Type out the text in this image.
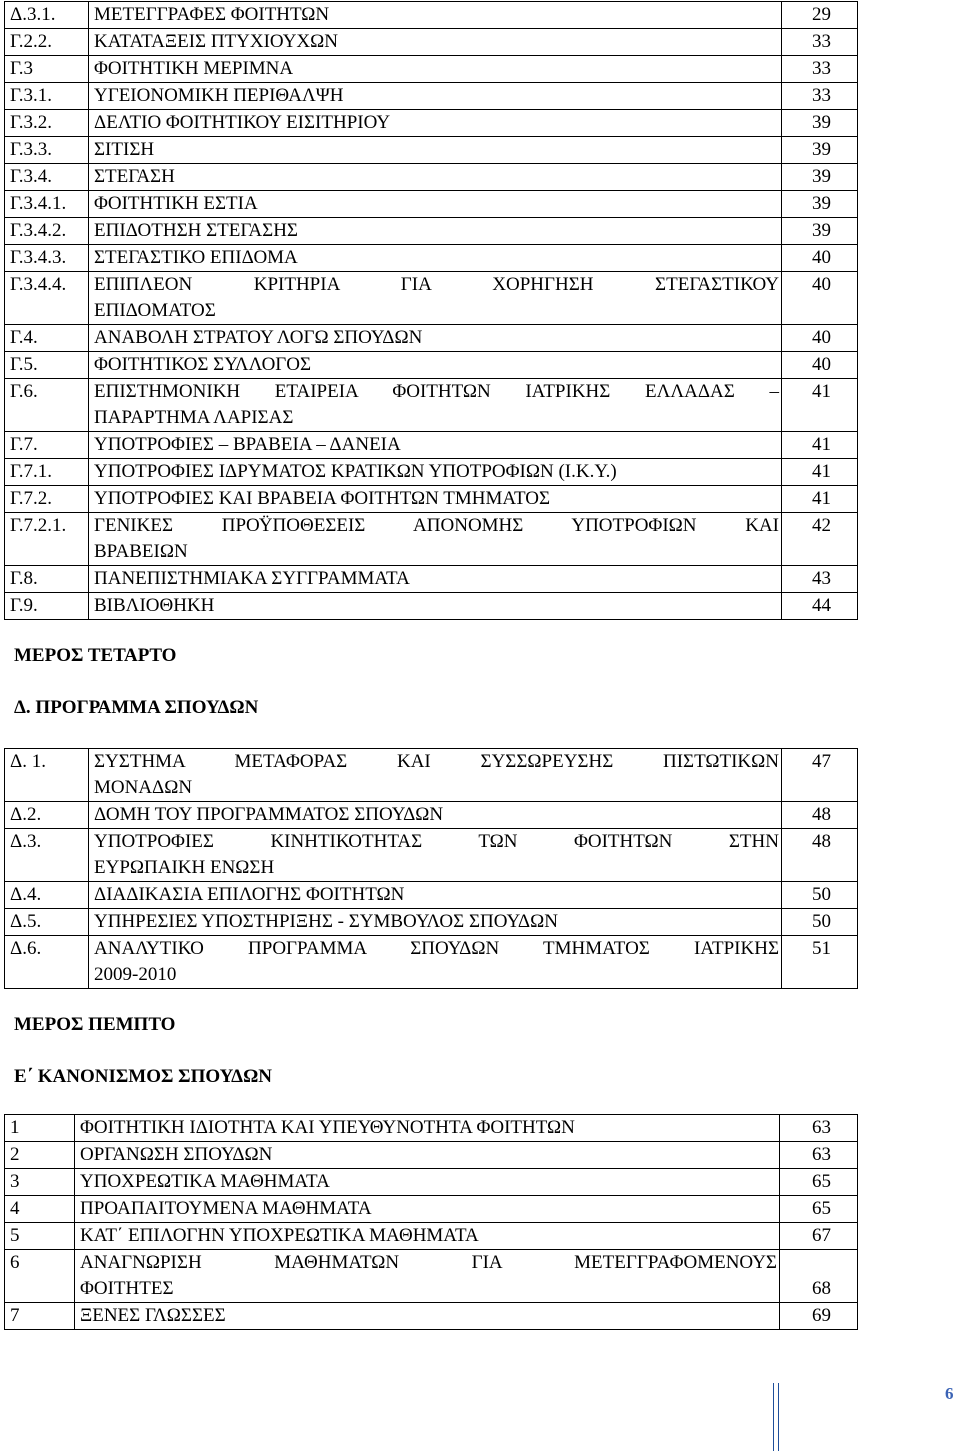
Δ.3.1.	ΜΕΤΕΓΓΡΑΦΕΣ ΦΟΙΤΗΤΩΝ	29
Γ.2.2.	ΚΑΤΑΤΑΞΕΙΣ ΠΤΥΧΙΟΥΧΩΝ	33
Γ.3	ΦΟΙΤΗΤΙΚΗ ΜΕΡΙΜΝΑ	33
Γ.3.1.	ΥΓΕΙΟΝΟΜΙΚΗ ΠΕΡΙΘΑΛΨΗ	33
Γ.3.2.	ΔΕΛΤΙΟ ΦΟΙΤΗΤΙΚΟΥ ΕΙΣΙΤΗΡΙΟΥ	39
Γ.3.3.	ΣΙΤΙΣΗ	39
Γ.3.4.	ΣΤΕΓΑΣΗ	39
Γ.3.4.1.	ΦΟΙΤΗΤΙΚΗ ΕΣΤΙΑ	39
Γ.3.4.2.	ΕΠΙΔΟΤΗΣΗ ΣΤΕΓΑΣΗΣ	39
Γ.3.4.3.	ΣΤΕΓΑΣΤΙΚΟ ΕΠΙΔΟΜΑ	40
Γ.3.4.4.	ΕΠΙΠΛΕΟΝ ΚΡΙΤΗΡΙΑ ΓΙΑ ΧΟΡΗΓΗΣΗ ΣΤΕΓΑΣΤΙΚΟΥ
ΕΠΙΔΟΜΑΤΟΣ	40
Γ.4.	ΑΝΑΒΟΛΗ ΣΤΡΑΤΟΥ ΛΟΓΩ ΣΠΟΥΔΩΝ	40
Γ.5.	ΦΟΙΤΗΤΙΚΟΣ ΣΥΛΛΟΓΟΣ	40
Γ.6.	ΕΠΙΣΤΗΜΟΝΙΚΗ ΕΤΑΙΡΕΙΑ ΦΟΙΤΗΤΩΝ ΙΑΤΡΙΚΗΣ ΕΛΛΑΔΑΣ –
ΠΑΡΑΡΤΗΜΑ ΛΑΡΙΣΑΣ	41
Γ.7.	ΥΠΟΤΡΟΦΙΕΣ – ΒΡΑΒΕΙΑ – ΔΑΝΕΙΑ	41
Γ.7.1.	ΥΠΟΤΡΟΦΙΕΣ ΙΔΡΥΜΑΤΟΣ ΚΡΑΤΙΚΩΝ ΥΠΟΤΡΟΦΙΩΝ (Ι.Κ.Υ.)	41
Γ.7.2.	ΥΠΟΤΡΟΦΙΕΣ ΚΑΙ ΒΡΑΒΕΙΑ ΦΟΙΤΗΤΩΝ ΤΜΗΜΑΤΟΣ	41
Γ.7.2.1.	ΓΕΝΙΚΕΣ ΠΡΟΫΠΟΘΕΣΕΙΣ ΑΠΟΝΟΜΗΣ ΥΠΟΤΡΟΦΙΩΝ ΚΑΙ
ΒΡΑΒΕΙΩΝ	42
Γ.8.	ΠΑΝΕΠΙΣΤΗΜΙΑΚΑ ΣΥΓΓΡΑΜΜΑΤΑ	43
Γ.9.	ΒΙΒΛΙΟΘΗΚΗ	44
ΜΕΡΟΣ ΤΕΤΑΡΤΟ
Δ. ΠΡΟΓΡΑΜΜΑ ΣΠΟΥΔΩΝ
Δ. 1.	ΣΥΣΤΗΜΑ ΜΕΤΑΦΟΡΑΣ ΚΑΙ ΣΥΣΣΩΡΕΥΣΗΣ ΠΙΣΤΩΤΙΚΩΝ
ΜΟΝΑΔΩΝ	47
Δ.2.	ΔΟΜΗ ΤΟΥ ΠΡΟΓΡΑΜΜΑΤΟΣ ΣΠΟΥΔΩΝ	48
Δ.3.	ΥΠΟΤΡΟΦΙΕΣ ΚΙΝΗΤΙΚΟΤΗΤΑΣ ΤΩΝ ΦΟΙΤΗΤΩΝ ΣΤΗΝ
ΕΥΡΩΠΑΙΚΗ ΕΝΩΣΗ	48
Δ.4.	ΔΙΑΔΙΚΑΣΙΑ ΕΠΙΛΟΓΗΣ ΦΟΙΤΗΤΩΝ	50
Δ.5.	ΥΠΗΡΕΣΙΕΣ ΥΠΟΣΤΗΡΙΞΗΣ - ΣΥΜΒΟΥΛΟΣ ΣΠΟΥΔΩΝ	50
Δ.6.	ΑΝΑΛΥΤΙΚΟ ΠΡΟΓΡΑΜΜΑ ΣΠΟΥΔΩΝ ΤΜΗΜΑΤΟΣ ΙΑΤΡΙΚΗΣ
2009-2010	51
ΜΕΡΟΣ ΠΕΜΠΤΟ
Ε΄ ΚΑΝΟΝΙΣΜΟΣ ΣΠΟΥΔΩΝ
1	ΦΟΙΤΗΤΙΚΗ ΙΔΙΟΤΗΤΑ ΚΑΙ ΥΠΕΥΘΥΝΟΤΗΤΑ ΦΟΙΤΗΤΩΝ	63
2	ΟΡΓΑΝΩΣΗ ΣΠΟΥΔΩΝ	63
3	ΥΠΟΧΡΕΩΤΙΚΑ ΜΑΘΗΜΑΤΑ	65
4	ΠΡΟΑΠΑΙΤΟΥΜΕΝΑ ΜΑΘΗΜΑΤΑ	65
5	ΚΑΤ΄ ΕΠΙΛΟΓΗΝ ΥΠΟΧΡΕΩΤΙΚΑ ΜΑΘΗΜΑΤΑ	67
6	ΑΝΑΓΝΩΡΙΣΗ ΜΑΘΗΜΑΤΩΝ ΓΙΑ ΜΕΤΕΓΓΡΑΦΟΜΕΝΟΥΣ
ΦΟΙΤΗΤΕΣ	68
7	ΞΕΝΕΣ ΓΛΩΣΣΕΣ	69
6
